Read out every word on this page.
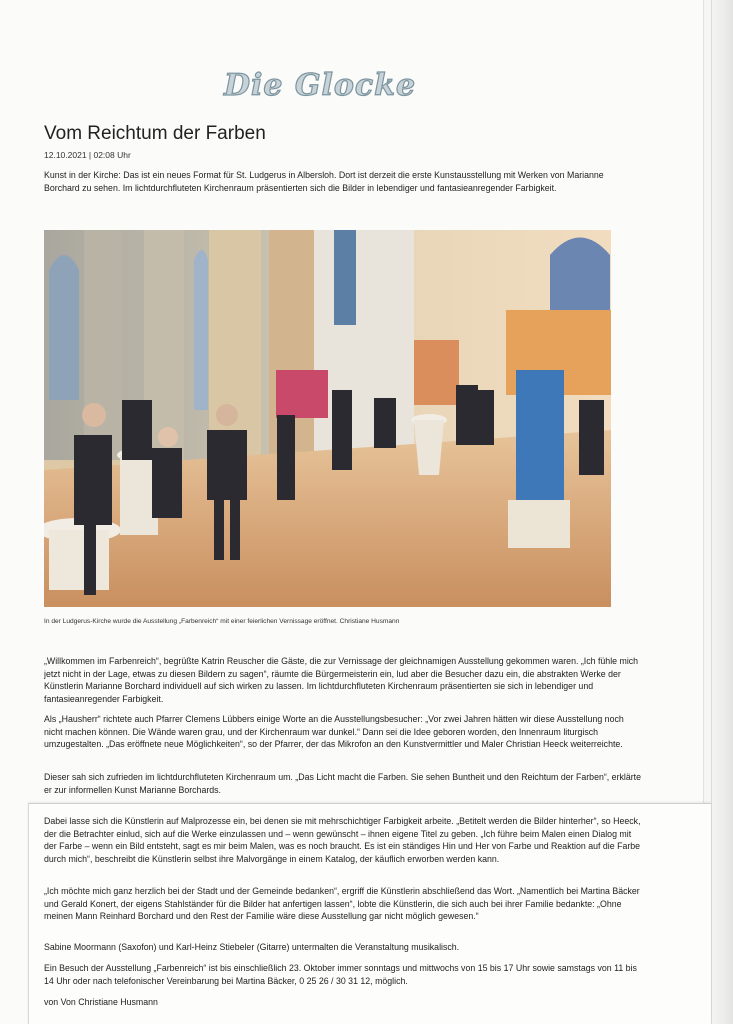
Die Glocke
Vom Reichtum der Farben
12.10.2021 | 02:08 Uhr

Kunst in der Kirche: Das ist ein neues Format für St. Ludgerus in Albersloh. Dort ist derzeit die erste Kunstausstellung mit Werken von Marianne Borchard zu sehen. Im lichtdurchfluteten Kirchenraum präsentierten sich die Bilder in lebendiger und fantasieanregender Farbigkeit.

In der Ludgerus-Kirche wurde die Ausstellung „Farbenreich“ mit einer feierlichen Vernissage eröffnet. Christiane Husmann

„Willkommen im Farbenreich“, begrüßte Katrin Reuscher die Gäste, die zur Vernissage der gleichnamigen Ausstellung gekommen waren. „Ich fühle mich jetzt nicht in der Lage, etwas zu diesen Bildern zu sagen“, räumte die Bürgermeisterin ein, lud aber die Besucher dazu ein, die abstrakten Werke der Künstlerin Marianne Borchard individuell auf sich wirken zu lassen. Im lichtdurchfluteten Kirchenraum präsentierten sie sich in lebendiger und fantasieanregender Farbigkeit.

Als „Hausherr“ richtete auch Pfarrer Clemens Lübbers einige Worte an die Ausstellungsbesucher: „Vor zwei Jahren hätten wir diese Ausstellung noch nicht machen können. Die Wände waren grau, und der Kirchenraum war dunkel.“ Dann sei die Idee geboren worden, den Innenraum liturgisch umzugestalten. „Das eröffnete neue Möglichkeiten“, so der Pfarrer, der das Mikrofon an den Kunstvermittler und Maler Christian Heeck weiterreichte.

Dieser sah sich zufrieden im lichtdurchfluteten Kirchenraum um. „Das Licht macht die Farben. Sie sehen Buntheit und den Reichtum der Farben“, erklärte er zur informellen Kunst Marianne Borchards.

Dabei lasse sich die Künstlerin auf Malprozesse ein, bei denen sie mit mehrschichtiger Farbigkeit arbeite. „Betitelt werden die Bilder hinterher“, so Heeck, der die Betrachter einlud, sich auf die Werke einzulassen und – wenn gewünscht – ihnen eigene Titel zu geben. „Ich führe beim Malen einen Dialog mit der Farbe – wenn ein Bild entsteht, sagt es mir beim Malen, was es noch braucht. Es ist ein ständiges Hin und Her von Farbe und Reaktion auf die Farbe durch mich“, beschreibt die Künstlerin selbst ihre Malvorgänge in einem Katalog, der käuflich erworben werden kann.

„Ich möchte mich ganz herzlich bei der Stadt und der Gemeinde bedanken“, ergriff die Künstlerin abschließend das Wort. „Namentlich bei Martina Bäcker und Gerald Konert, der eigens Stahlständer für die Bilder hat anfertigen lassen“, lobte die Künstlerin, die sich auch bei ihrer Familie bedankte: „Ohne meinen Mann Reinhard Borchard und den Rest der Familie wäre diese Ausstellung gar nicht möglich gewesen.“

Sabine Moormann (Saxofon) und Karl-Heinz Stiebeler (Gitarre) untermalten die Veranstaltung musikalisch.

Ein Besuch der Ausstellung „Farbenreich“ ist bis einschließlich 23. Oktober immer sonntags und mittwochs von 15 bis 17 Uhr sowie samstags von 11 bis 14 Uhr oder nach telefonischer Vereinbarung bei Martina Bäcker, 0 25 26 / 30 31 12, möglich.

von Von Christiane Husmann
